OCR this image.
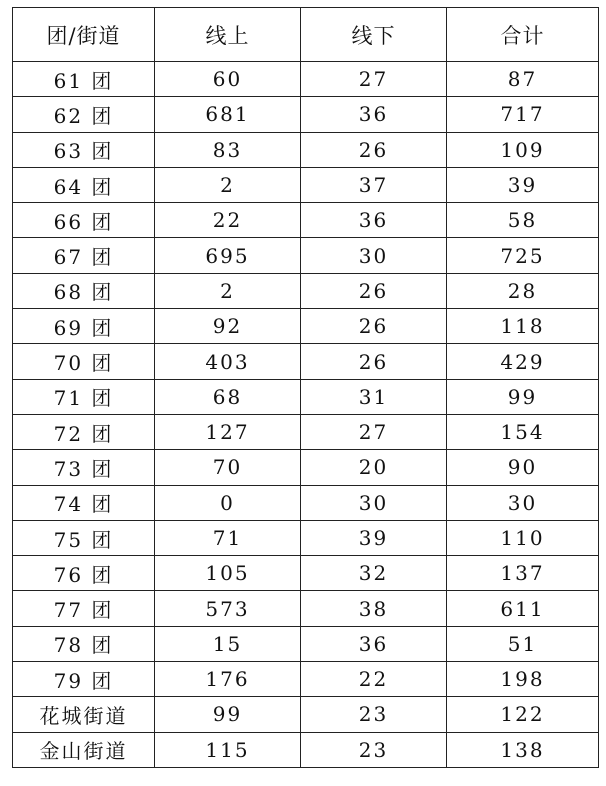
团/街道	线上	线下	合计
61 团	60	27	87
62 团	681	36	717
63 团	83	26	109
64 团	2	37	39
66 团	22	36	58
67 团	695	30	725
68 团	2	26	28
69 团	92	26	118
70 团	403	26	429
71 团	68	31	99
72 团	127	27	154
73 团	70	20	90
74 团	0	30	30
75 团	71	39	110
76 团	105	32	137
77 团	573	38	611
78 团	15	36	51
79 团	176	22	198
花城街道	99	23	122
金山街道	115	23	138
